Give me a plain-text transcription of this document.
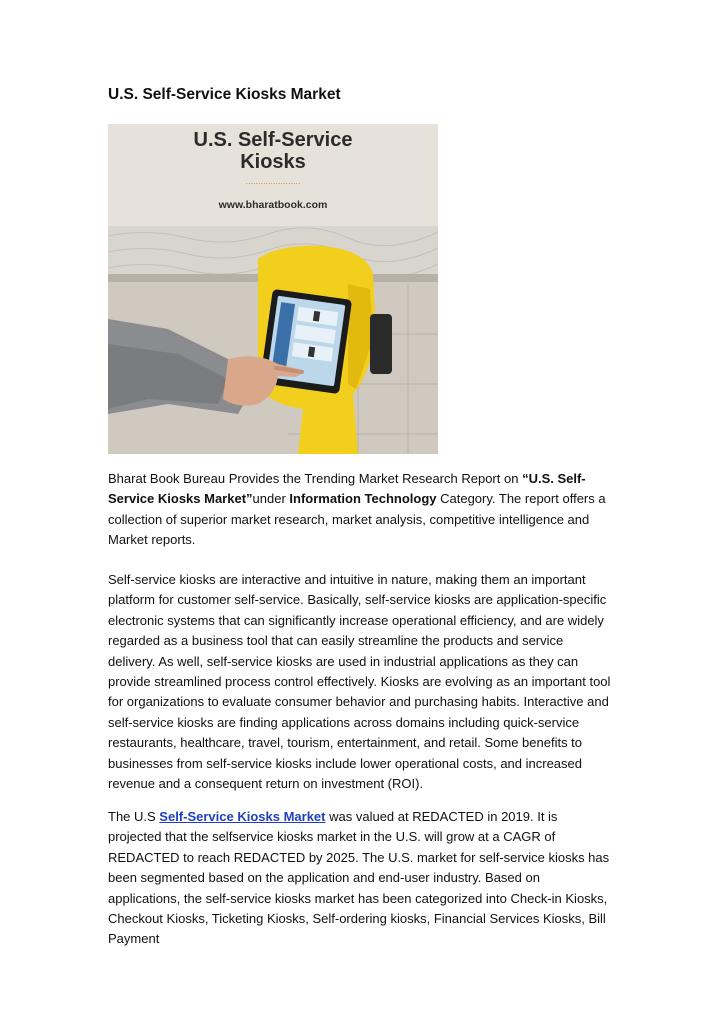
U.S. Self-Service Kiosks Market
U.S. Self-Service
Kiosks
......................
www.bharatbook.com

Bharat Book Bureau Provides the Trending Market Research Report on “U.S. Self-Service Kiosks Market”under Information Technology Category. The report offers a collection of superior market research, market analysis, competitive intelligence and Market reports.

Self-service kiosks are interactive and intuitive in nature, making them an important platform for customer self-service. Basically, self-service kiosks are application-specific electronic systems that can significantly increase operational efficiency, and are widely regarded as a business tool that can easily streamline the products and service delivery. As well, self-service kiosks are used in industrial applications as they can provide streamlined process control effectively. Kiosks are evolving as an important tool for organizations to evaluate consumer behavior and purchasing habits. Interactive and self-service kiosks are finding applications across domains including quick-service restaurants, healthcare, travel, tourism, entertainment, and retail. Some benefits to businesses from self-service kiosks include lower operational costs, and increased revenue and a consequent return on investment (ROI).

The U.S Self-Service Kiosks Market was valued at REDACTED in 2019. It is projected that the selfservice kiosks market in the U.S. will grow at a CAGR of REDACTED to reach REDACTED by 2025. The U.S. market for self-service kiosks has been segmented based on the application and end-user industry. Based on applications, the self-service kiosks market has been categorized into Check-in Kiosks, Checkout Kiosks, Ticketing Kiosks, Self-ordering kiosks, Financial Services Kiosks, Bill Payment
